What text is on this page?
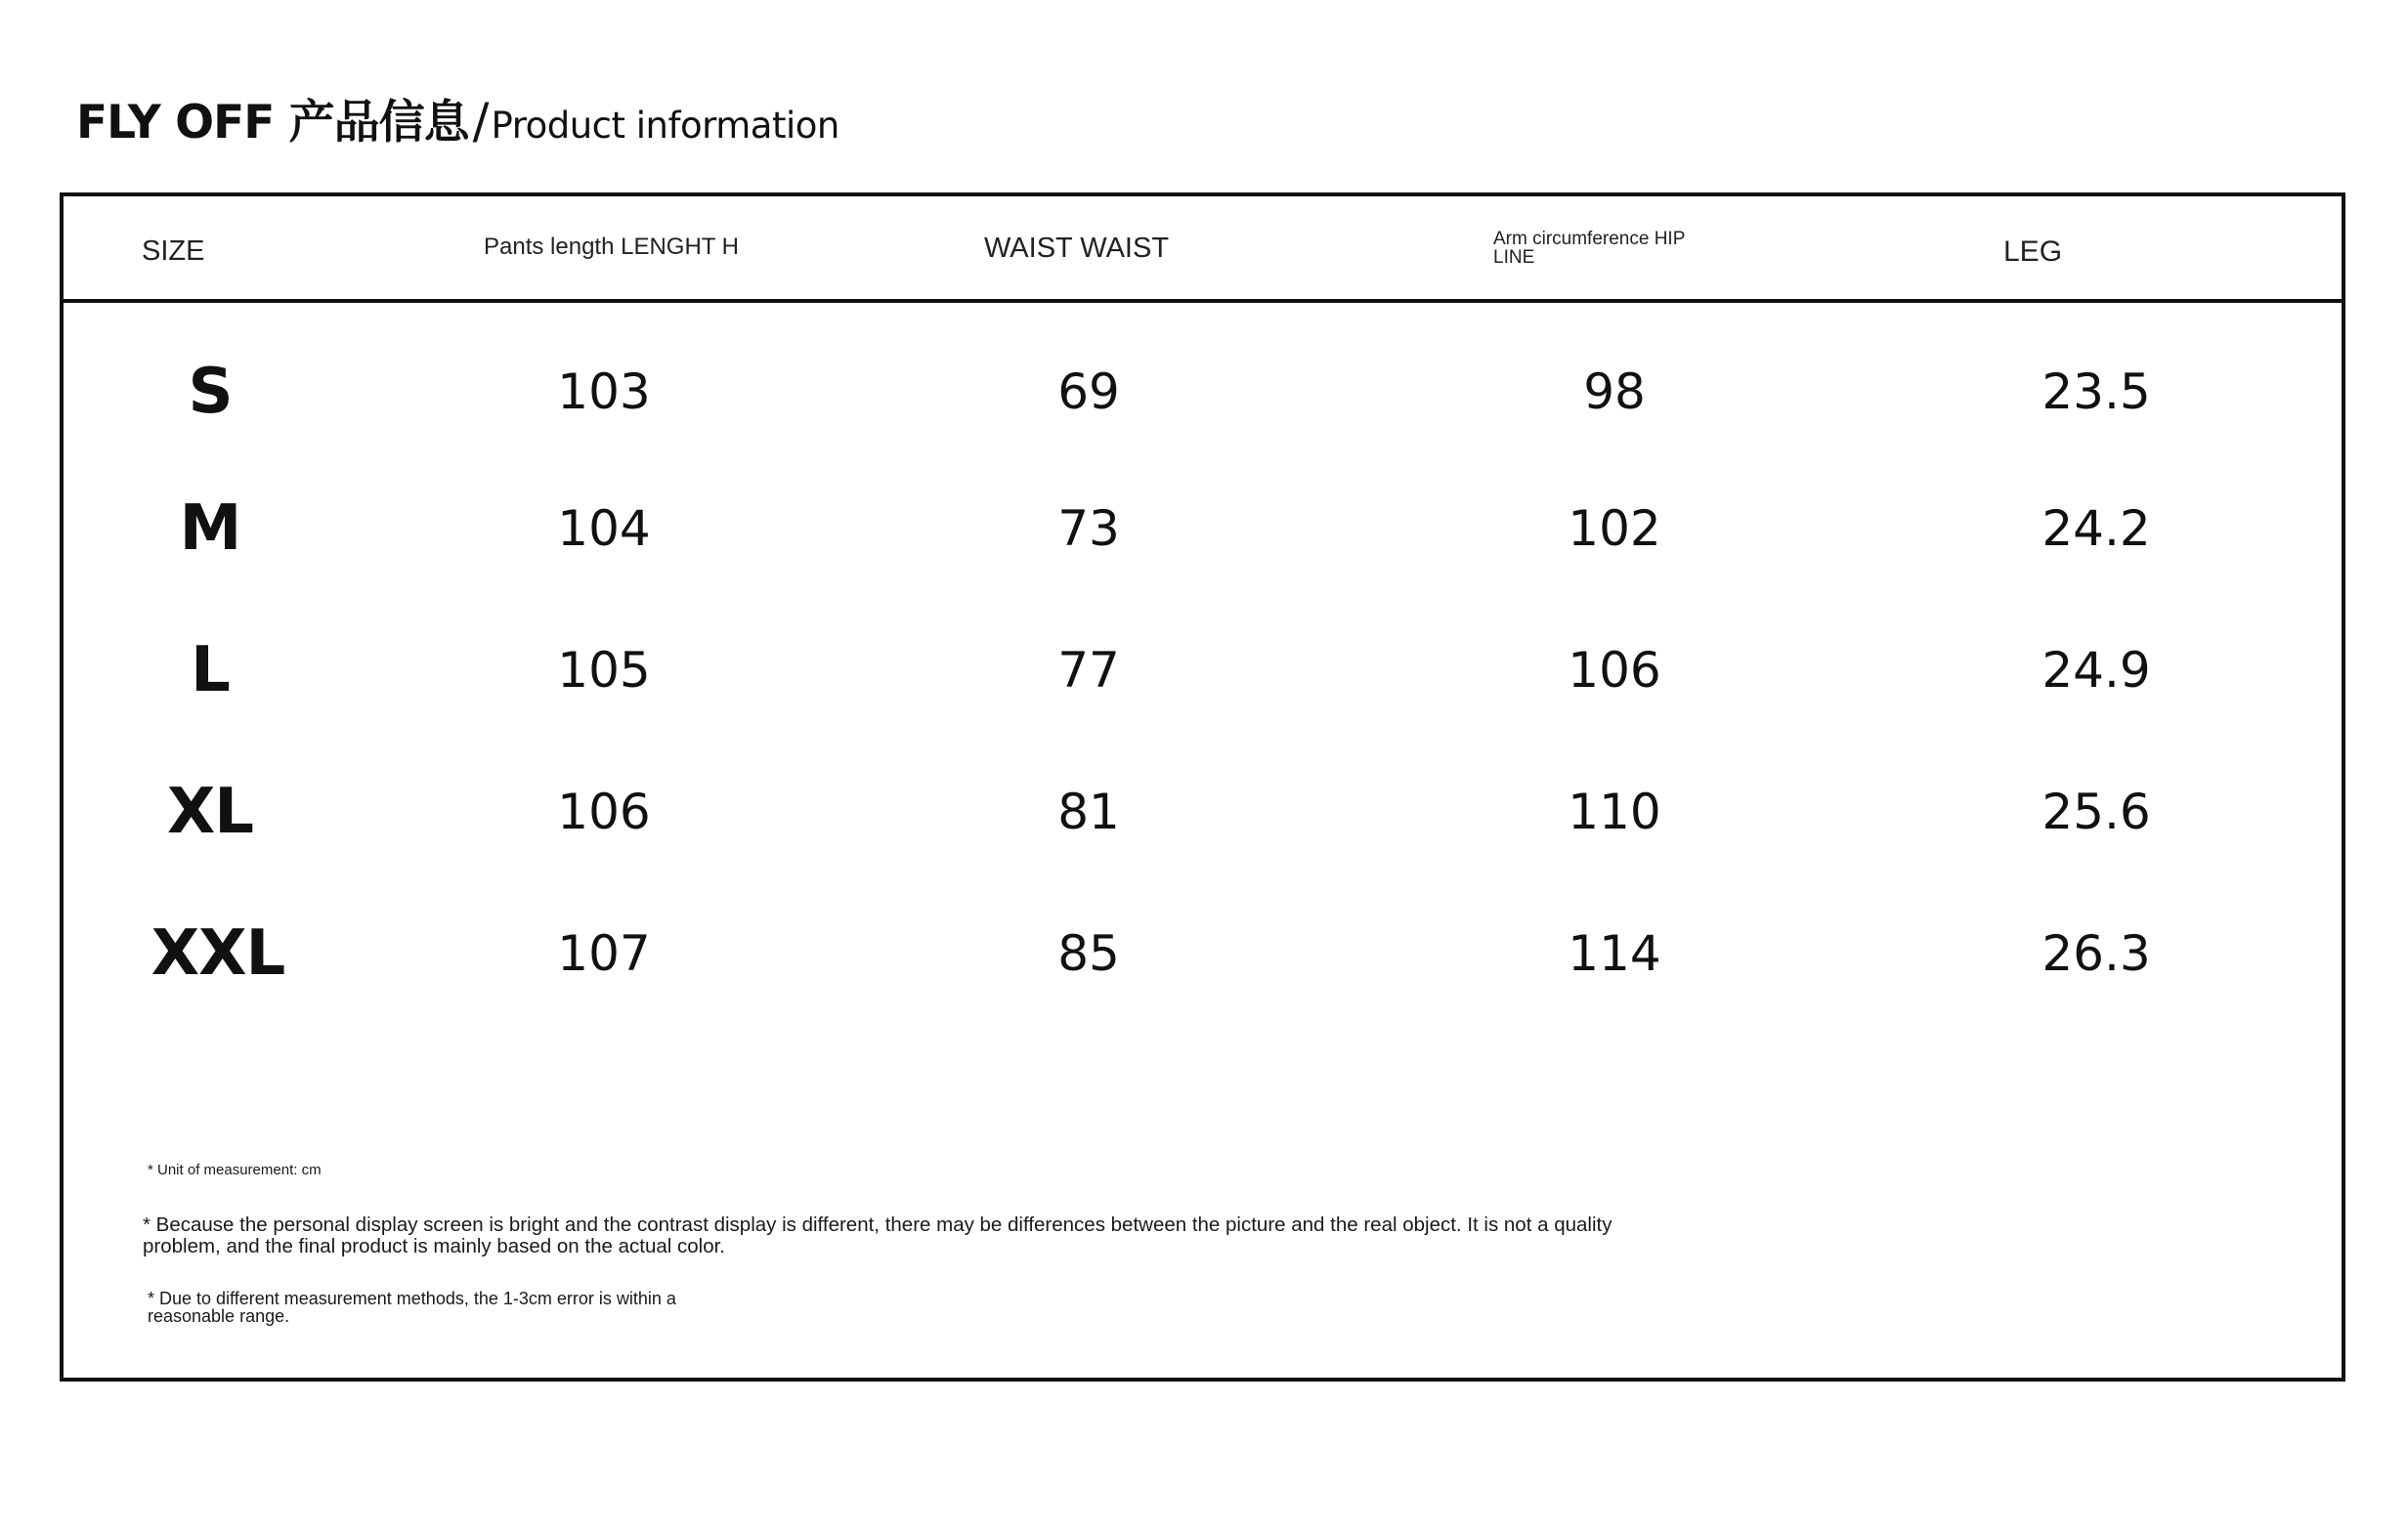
FLY OFF 产品信息 / Product information
SIZE	Pants length LENGHT H	WAIST WAIST	Arm circumference HIP LINE	LEG
S	103	69	98	23.5
M	104	73	102	24.2
L	105	77	106	24.9
XL	106	81	110	25.6
XXL	107	85	114	26.3
* Unit of measurement: cm
* Because the personal display screen is bright and the contrast display is different, there may be differences between the picture and the real object. It is not a quality problem, and the final product is mainly based on the actual color.
* Due to different measurement methods, the 1-3cm error is within a reasonable range.
